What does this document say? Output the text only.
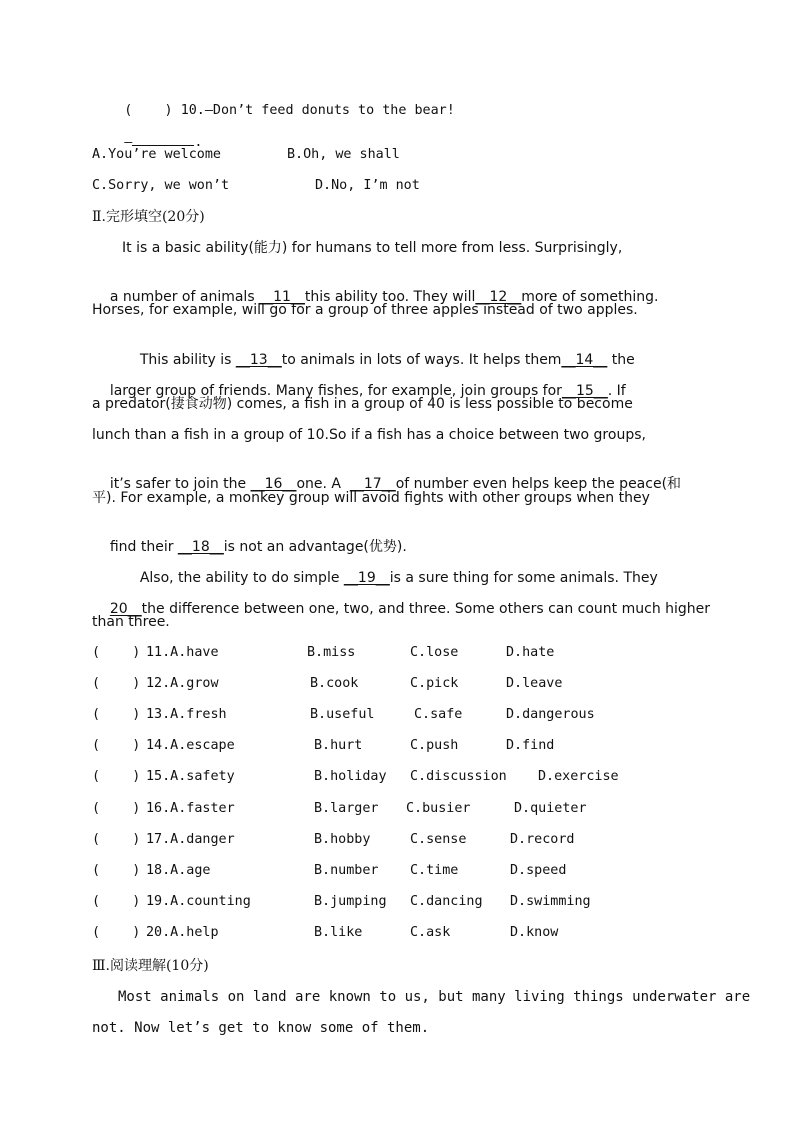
(    ) 10.—Don’t feed donuts to the bear!

—	.

A.You’re welcome	B.Oh, we shall
C.Sorry, we won’t	D.No, I’m not
Ⅱ.完形填空(20分)
It is a basic ability(能力) for humans to tell more from less. Surprisingly,

a number of animals __11__this ability too. They will__12__more of something.

Horses, for example, will go for a group of three apples instead of two apples.

This ability is __13__to animals in lots of ways. It helps them__14__ the

larger group of friends. Many fishes, for example, join groups for__15__. If

a predator(捿食动物) comes, a fish in a group of 40 is less possible to become
lunch than a fish in a group of 10.So if a fish has a choice between two groups,

it’s safer to join the __16__one. A  __17__of number even helps keep the peace(和

平). For example, a monkey group will avoid fights with other groups when they

find their __18__is not an advantage(优势).

Also, the ability to do simple __19__is a sure thing for some animals. They

20__the difference between one, two, and three. Some others can count much higher

than three.
(    ) 11.A.have	B.miss	C.lose	D.hate
(    ) 12.A.grow	B.cook	C.pick	D.leave
(    ) 13.A.fresh	B.useful	C.safe	D.dangerous
(    ) 14.A.escape	B.hurt	C.push	D.find
(    ) 15.A.safety	B.holiday C.discussion D.exercise
(    ) 16.A.faster	B.larger C.busier	D.quieter
(    ) 17.A.danger	B.hobby	C.sense	D.record
(    ) 18.A.age	B.number C.time	D.speed
(    ) 19.A.counting	B.jumping C.dancing D.swimming
(    ) 20.A.help	B.like	C.ask	D.know
Ⅲ.阅读理解(10分)
Most animals on land are known to us, but many living things underwater are
not. Now let’s get to know some of them.
